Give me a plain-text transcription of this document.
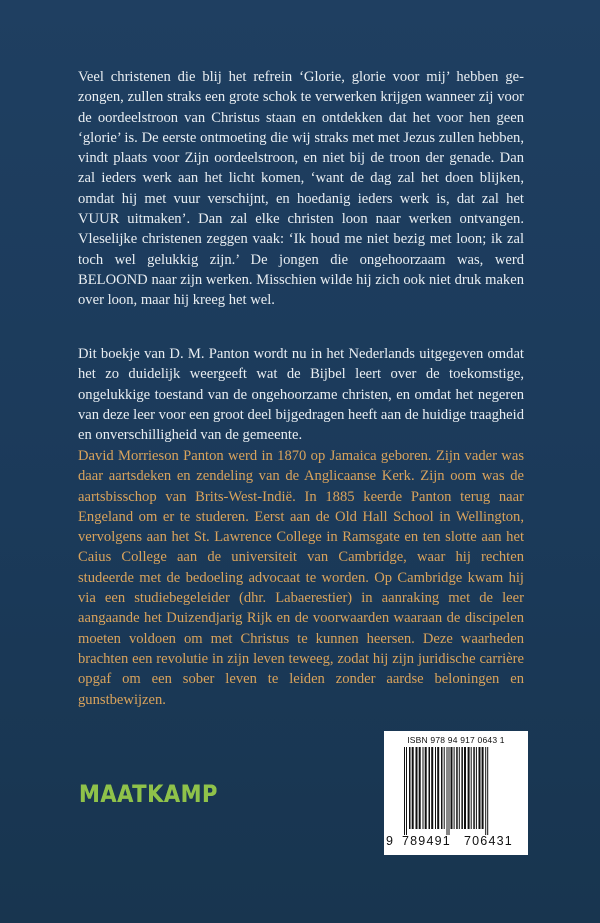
Veel christenen die blij het refrein ‘Glorie, glorie voor mij’ hebben gezongen, zullen straks een grote schok te verwerken krijgen wanneer zij voor de oordeelstroon van Christus staan en ontdekken dat het voor hen geen ‘glorie’ is. De eerste ontmoeting die wij straks met met Jezus zullen hebben, vindt plaats voor Zijn oordeelstroon, en niet bij de troon der genade. Dan zal ieders werk aan het licht komen, ‘want de dag zal het doen blijken, omdat hij met vuur verschijnt, en hoedanig ieders werk is, dat zal het VUUR uitmaken’. Dan zal elke christen loon naar werken ontvangen. Vleselijke christenen zeggen vaak: ‘Ik houd me niet bezig met loon; ik zal toch wel gelukkig zijn.’ De jongen die ongehoorzaam was, werd BELOOND naar zijn werken. Misschien wilde hij zich ook niet druk maken over loon, maar hij kreeg het wel.

Dit boekje van D. M. Panton wordt nu in het Nederlands uitgegeven omdat het zo duidelijk weergeeft wat de Bijbel leert over de toekomstige, ongelukkige toestand van de ongehoorzame christen, en omdat het negeren van deze leer voor een groot deel bijgedragen heeft aan de huidige traagheid en onverschilligheid van de gemeente.

David Morrieson Panton werd in 1870 op Jamaica geboren. Zijn vader was daar aartsdeken en zendeling van de Anglicaanse Kerk. Zijn oom was de aartsbisschop van Brits-West-Indië. In 1885 keerde Panton terug naar Engeland om er te studeren. Eerst aan de Old Hall School in Wellington, vervolgens aan het St. Lawrence College in Ramsgate en ten slotte aan het Caius College aan de universiteit van Cambridge, waar hij rechten studeerde met de bedoeling advocaat te worden. Op Cambridge kwam hij via een studiebegeleider (dhr. Labaerestier) in aanraking met de leer aangaande het Duizendjarig Rijk en de voorwaarden waaraan de discipelen moeten voldoen om met Christus te kunnen heersen. Deze waarheden brachten een revolutie in zijn leven teweeg, zodat hij zijn juridische carrière opgaf om een sober leven te leiden zonder aardse beloningen en gunstbewijzen.

MAATKAMP
ISBN 978 94 917 0643 1
9 789491 706431
